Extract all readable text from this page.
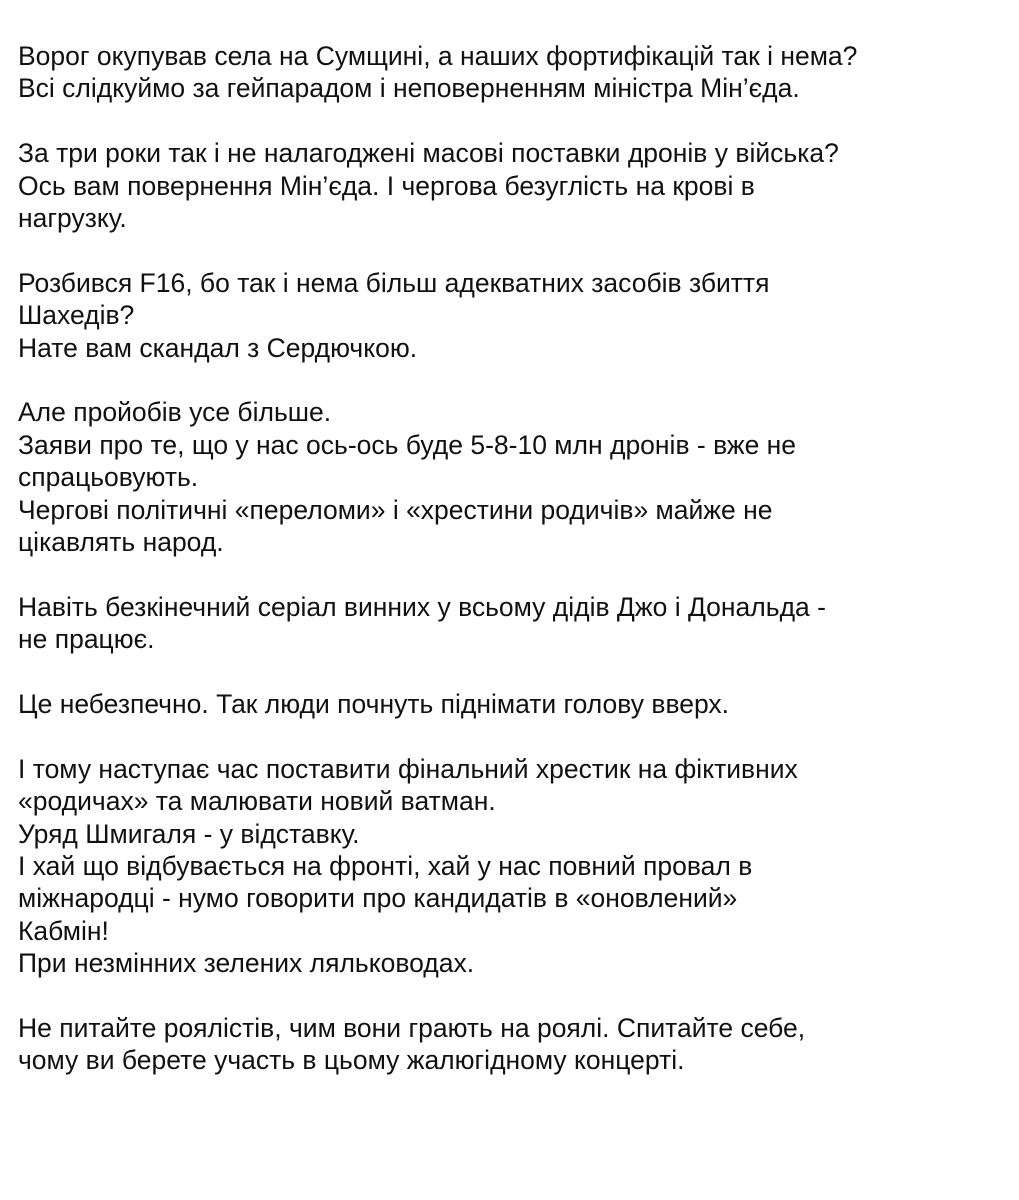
Ворог окупував села на Сумщині, а наших фортифікацій так і нема?
Всі слідкуймо за гейпарадом і неповерненням міністра Мін’єда.
За три роки так і не налагоджені масові поставки дронів у війська?
Ось вам повернення Мін’єда. І чергова безуглість на крові в
нагрузку.
Розбився F16, бо так і нема більш адекватних засобів збиття
Шахедів?
Нате вам скандал з Сердючкою.
Але пройобів усе більше.
Заяви про те, що у нас ось-ось буде 5-8-10 млн дронів - вже не
спрацьовують.
Чергові політичні «переломи» і «хрестини родичів» майже не
цікавлять народ.
Навіть безкінечний серіал винних у всьому дідів Джо і Дональда -
не працює.
Це небезпечно. Так люди почнуть піднімати голову вверх.
І тому наступає час поставити фінальний хрестик на фіктивних
«родичах» та малювати новий ватман.
Уряд Шмигаля - у відставку.
І хай що відбувається на фронті, хай у нас повний провал в
міжнародці - нумо говорити про кандидатів в «оновлений»
Кабмін!
При незмінних зелених ляльководах.
Не питайте роялістів, чим вони грають на роялі. Спитайте себе,
чому ви берете участь в цьому жалюгідному концерті.
